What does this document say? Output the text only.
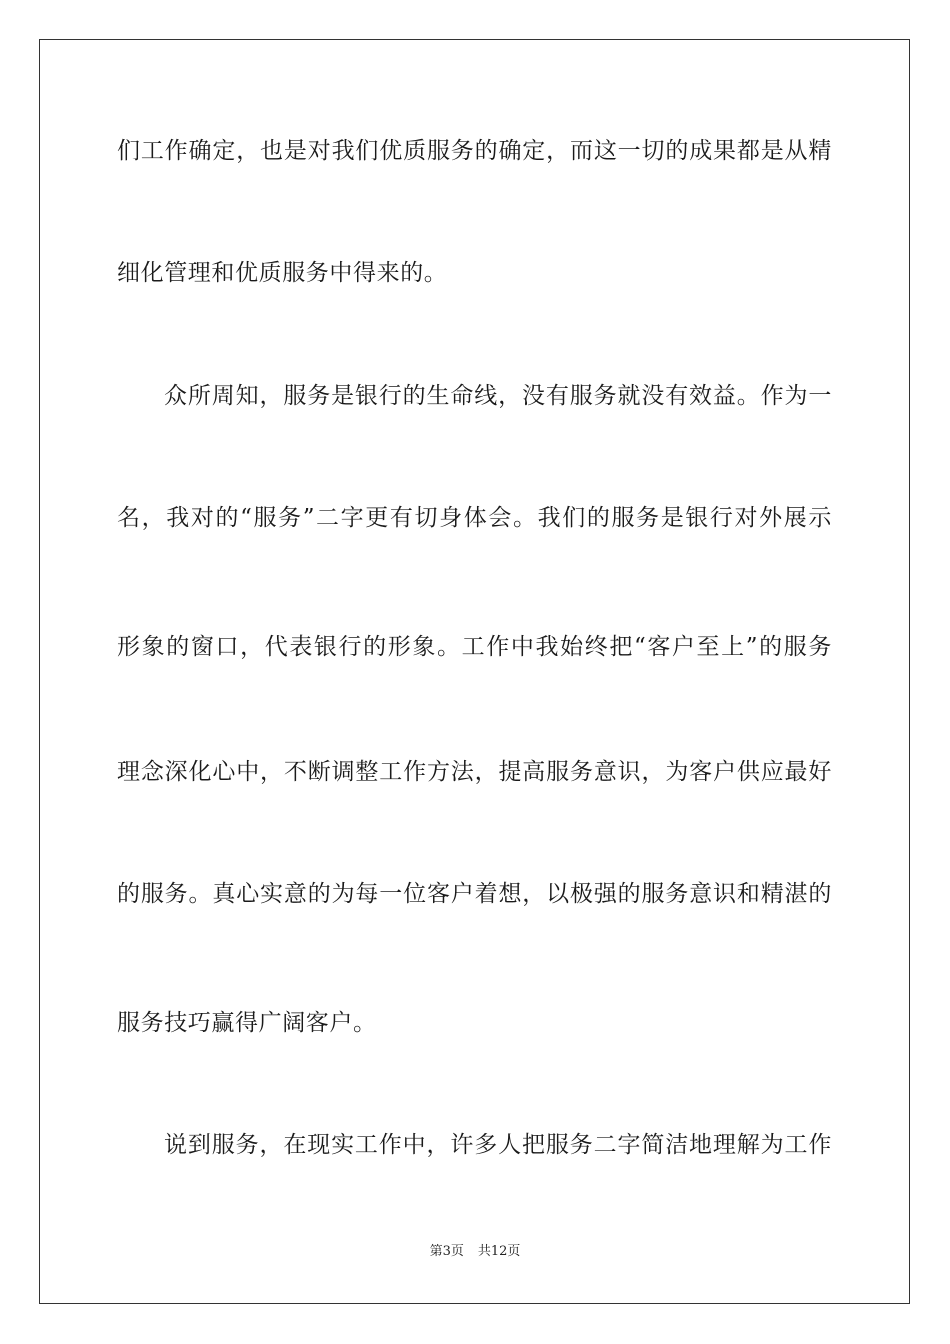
们工作确定，也是对我们优质服务的确定，而这一切的成果都是从精
细化管理和优质服务中得来的。
众所周知，服务是银行的生命线，没有服务就没有效益。作为一
名，我对的“服务”二字更有切身体会。我们的服务是银行对外展示
形象的窗口，代表银行的形象。工作中我始终把“客户至上”的服务
理念深化心中，不断调整工作方法，提高服务意识，为客户供应最好
的服务。真心实意的为每一位客户着想，以极强的服务意识和精湛的
服务技巧赢得广阔客户。
说到服务，在现实工作中，许多人把服务二字简洁地理解为工作
第3页 共12页
